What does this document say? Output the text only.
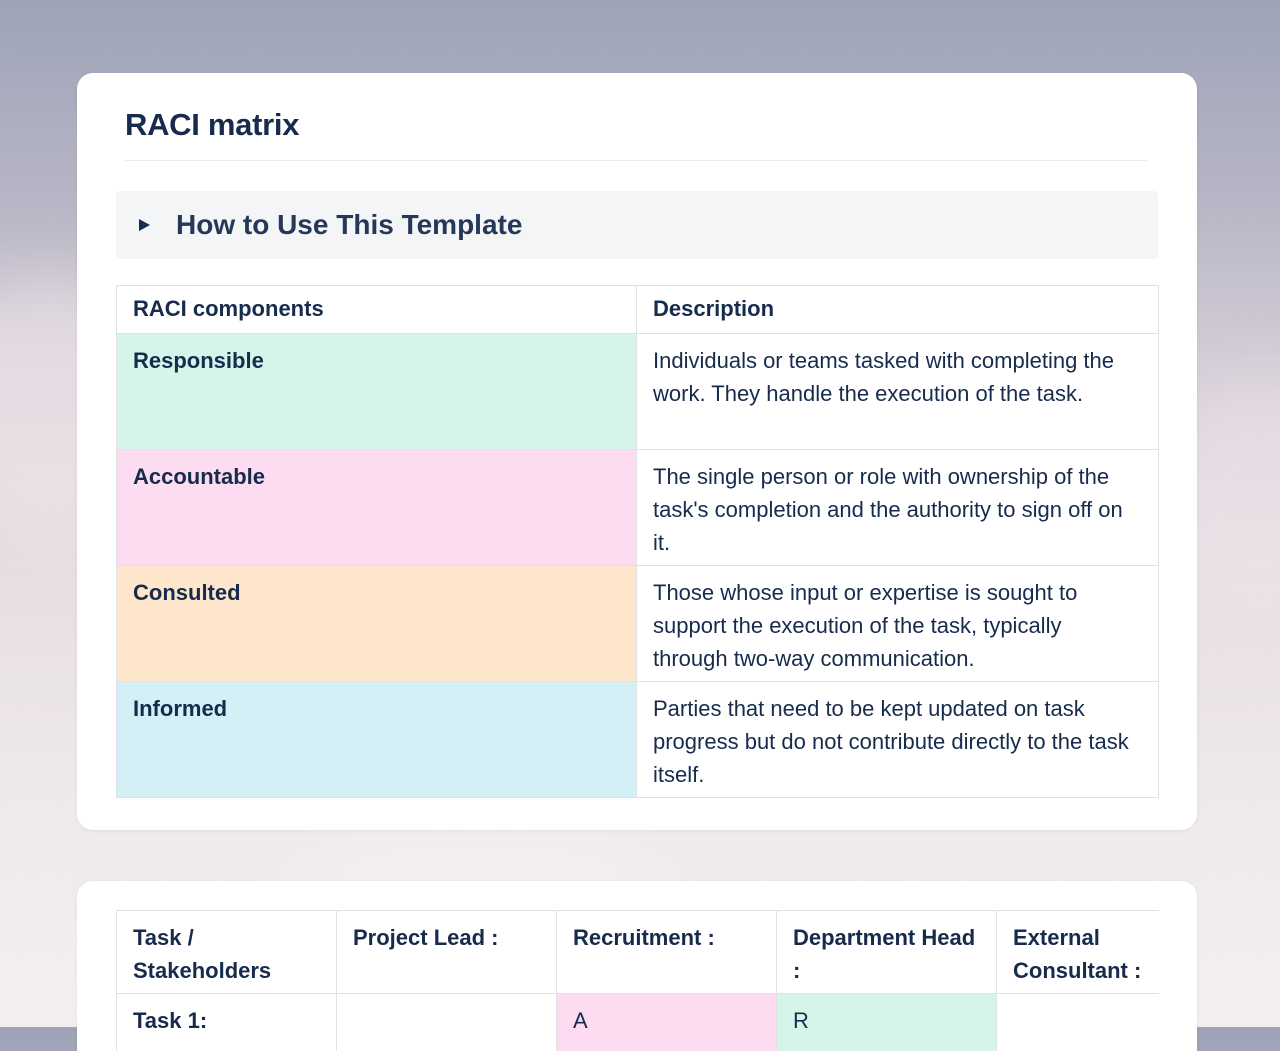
RACI matrix
How to Use This Template
RACI components	Description
Responsible	Individuals or teams tasked with completing the work. They handle the execution of the task.
Accountable	The single person or role with ownership of the task's completion and the authority to sign off on it.
Consulted	Those whose input or expertise is sought to support the execution of the task, typically through two-way communication.
Informed	Parties that need to be kept updated on task progress but do not contribute directly to the task itself.
Task / Stakeholders	Project Lead :	Recruitment :	Department Head :	External Consultant :
Task 1:		A	R	
